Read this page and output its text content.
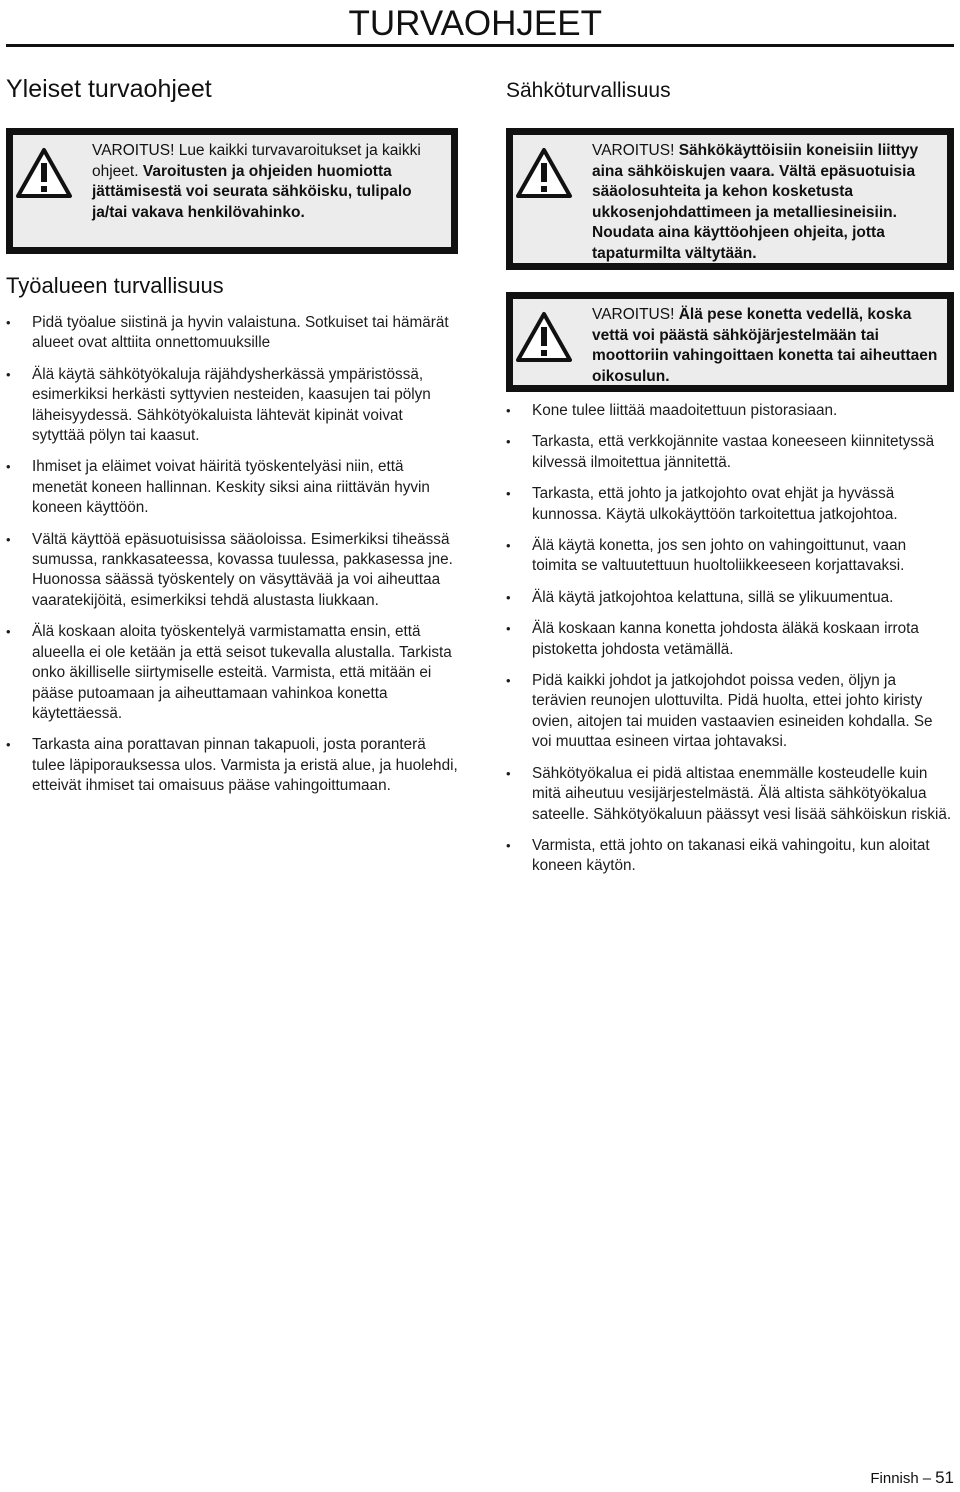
TURVAOHJEET
Yleiset turvaohjeet

VAROITUS! Lue kaikki turvavaroitukset ja kaikki ohjeet. Varoitusten ja ohjeiden huomiotta jättämisestä voi seurata sähköisku, tulipalo ja/tai vakava henkilövahinko.

Työalueen turvallisuus
• Pidä työalue siistinä ja hyvin valaistuna. Sotkuiset tai hämärät alueet ovat alttiita onnettomuuksille
• Älä käytä sähkötyökaluja räjähdysherkässä ympäristössä, esimerkiksi herkästi syttyvien nesteiden, kaasujen tai pölyn läheisyydessä. Sähkötyökaluista lähtevät kipinät voivat sytyttää pölyn tai kaasut.
• Ihmiset ja eläimet voivat häiritä työskentelyäsi niin, että menetät koneen hallinnan. Keskity siksi aina riittävän hyvin koneen käyttöön.
• Vältä käyttöä epäsuotuisissa sääoloissa. Esimerkiksi tiheässä sumussa, rankkasateessa, kovassa tuulessa, pakkasessa jne. Huonossa säässä työskentely on väsyttävää ja voi aiheuttaa vaaratekijöitä, esimerkiksi tehdä alustasta liukkaan.
• Älä koskaan aloita työskentelyä varmistamatta ensin, että alueella ei ole ketään ja että seisot tukevalla alustalla. Tarkista onko äkilliselle siirtymiselle esteitä. Varmista, että mitään ei pääse putoamaan ja aiheuttamaan vahinkoa konetta käytettäessä.
• Tarkasta aina porattavan pinnan takapuoli, josta poranterä tulee läpiporauksessa ulos. Varmista ja eristä alue, ja huolehdi, etteivät ihmiset tai omaisuus pääse vahingoittumaan.
Sähköturvallisuus

VAROITUS! Sähkökäyttöisiin koneisiin liittyy aina sähköiskujen vaara. Vältä epäsuotuisia sääolosuhteita ja kehon kosketusta ukkosenjohdattimeen ja metalliesineisiin. Noudata aina käyttöohjeen ohjeita, jotta tapaturmilta vältytään.

VAROITUS! Älä pese konetta vedellä, koska vettä voi päästä sähköjärjestelmään tai moottoriin vahingoittaen konetta tai aiheuttaen oikosulun.

• Kone tulee liittää maadoitettuun pistorasiaan.
• Tarkasta, että verkkojännite vastaa koneeseen kiinnitetyssä kilvessä ilmoitettua jännitettä.
• Tarkasta, että johto ja jatkojohto ovat ehjät ja hyvässä kunnossa. Käytä ulkokäyttöön tarkoitettua jatkojohtoa.
• Älä käytä konetta, jos sen johto on vahingoittunut, vaan toimita se valtuutettuun huoltoliikkeeseen korjattavaksi.
• Älä käytä jatkojohtoa kelattuna, sillä se ylikuumentua.
• Älä koskaan kanna konetta johdosta äläkä koskaan irrota pistoketta johdosta vetämällä.
• Pidä kaikki johdot ja jatkojohdot poissa veden, öljyn ja terävien reunojen ulottuvilta. Pidä huolta, ettei johto kiristy ovien, aitojen tai muiden vastaavien esineiden kohdalla. Se voi muuttaa esineen virtaa johtavaksi.
• Sähkötyökalua ei pidä altistaa enemmälle kosteudelle kuin mitä aiheutuu vesijärjestelmästä. Älä altista sähkötyökalua sateelle. Sähkötyökaluun päässyt vesi lisää sähköiskun riskiä.
• Varmista, että johto on takanasi eikä vahingoitu, kun aloitat koneen käytön.
Finnish – 51
